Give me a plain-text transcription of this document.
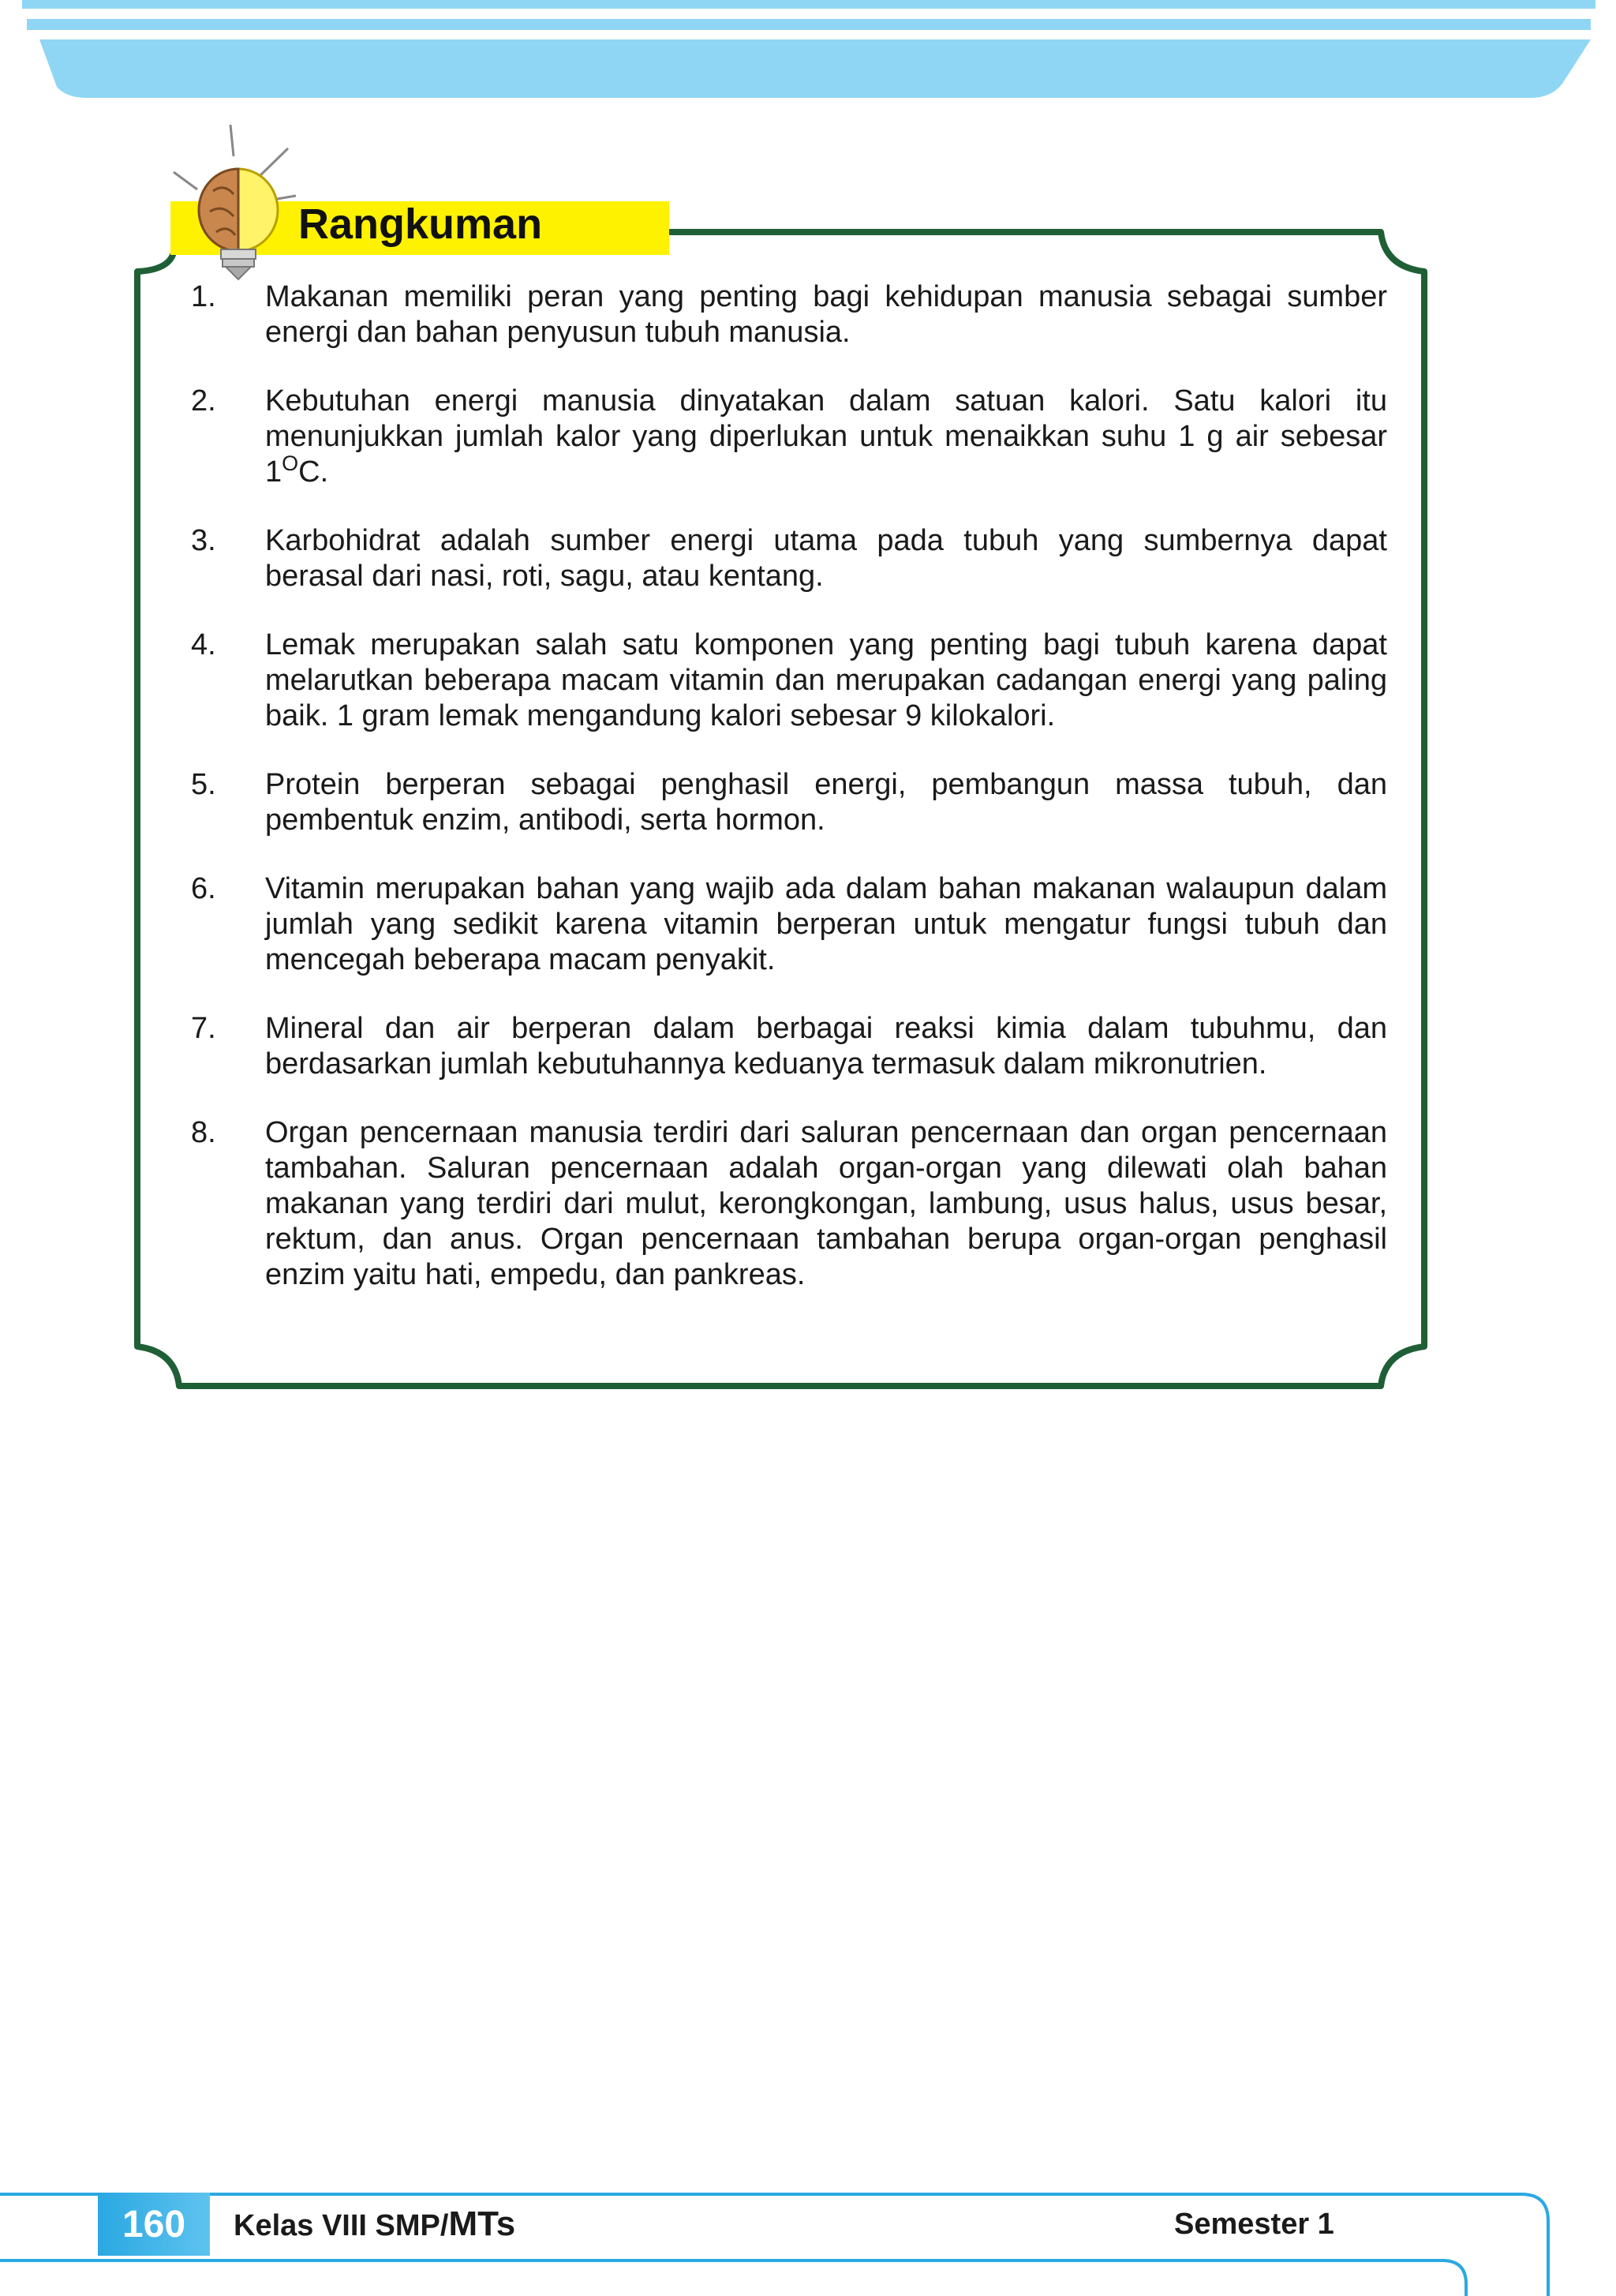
Rangkuman
1.	Makanan memiliki peran yang penting bagi kehidupan manusia sebagai sumber energi dan bahan penyusun tubuh manusia.
2.	Kebutuhan energi manusia dinyatakan dalam satuan kalori. Satu kalori itu menunjukkan jumlah kalor yang diperlukan untuk menaikkan suhu 1 g air sebesar $1^OC$.
3.	Karbohidrat adalah sumber energi utama pada tubuh yang sumbernya dapat berasal dari nasi, roti, sagu, atau kentang.
4.	Lemak merupakan salah satu komponen yang penting bagi tubuh karena dapat melarutkan beberapa macam vitamin dan merupakan cadangan energi yang paling baik. 1 gram lemak mengandung kalori sebesar 9 kilokalori.
5.	Protein berperan sebagai penghasil energi, pembangun massa tubuh, dan pembentuk enzim, antibodi, serta hormon.
6.	Vitamin merupakan bahan yang wajib ada dalam bahan makanan walaupun dalam jumlah yang sedikit karena vitamin berperan untuk mengatur fungsi tubuh dan mencegah beberapa macam penyakit.
7.	Mineral dan air berperan dalam berbagai reaksi kimia dalam tubuhmu, dan berdasarkan jumlah kebutuhannya keduanya termasuk dalam mikronutrien.
8.	Organ pencernaan manusia terdiri dari saluran pencernaan dan organ pencernaan tambahan. Saluran pencernaan adalah organ-organ yang dilewati olah bahan makanan yang terdiri dari mulut, kerongkongan, lambung, usus halus, usus besar, rektum, dan anus. Organ pencernaan tambahan berupa organ-organ penghasil enzim yaitu hati, empedu, dan pankreas.
160	Kelas VIII SMP/MTs	Semester 1
